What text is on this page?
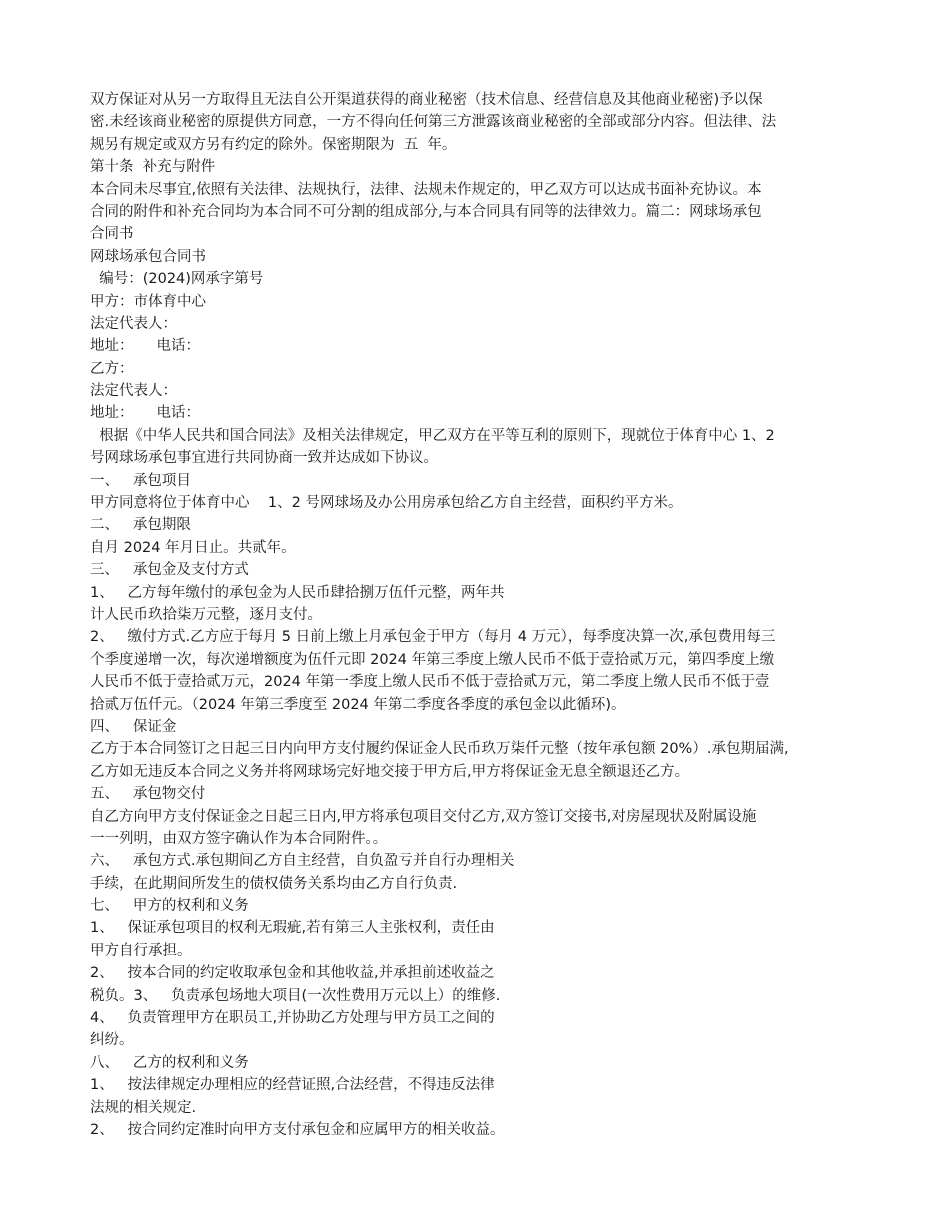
双方保证对从另一方取得且无法自公开渠道获得的商业秘密（技术信息、经营信息及其他商业秘密)予以保
密.未经该商业秘密的原提供方同意，一方不得向任何第三方泄露该商业秘密的全部或部分内容。但法律、法
规另有规定或双方另有约定的除外。保密期限为  五  年。
第十条  补充与附件
本合同未尽事宜,依照有关法律、法规执行，法律、法规未作规定的，甲乙双方可以达成书面补充协议。本
合同的附件和补充合同均为本合同不可分割的组成部分,与本合同具有同等的法律效力。篇二：网球场承包
合同书
网球场承包合同书
编号：(2024)网承字第号
甲方：市体育中心
法定代表人：
地址：     电话：
乙方：
法定代表人：
地址：     电话：
根据《中华人民共和国合同法》及相关法律规定，甲乙双方在平等互利的原则下，现就位于体育中心 1、2
号网球场承包事宜进行共同协商一致并达成如下协议。
一、   承包项目
甲方同意将位于体育中心    1、2 号网球场及办公用房承包给乙方自主经营，面积约平方米。
二、   承包期限
自月 2024 年月日止。共贰年。
三、   承包金及支付方式
1、   乙方每年缴付的承包金为人民币肆拾捌万伍仟元整，两年共
计人民币玖拾柒万元整，逐月支付。
2、   缴付方式.乙方应于每月 5 日前上缴上月承包金于甲方（每月 4 万元），每季度决算一次,承包费用每三
个季度递增一次，每次递增额度为伍仟元即 2024 年第三季度上缴人民币不低于壹拾贰万元，第四季度上缴
人民币不低于壹拾贰万元，2024 年第一季度上缴人民币不低于壹拾贰万元，第二季度上缴人民币不低于壹
拾贰万伍仟元。（2024 年第三季度至 2024 年第二季度各季度的承包金以此循环)。
四、   保证金
乙方于本合同签订之日起三日内向甲方支付履约保证金人民币玖万柒仟元整（按年承包额 20%）.承包期届满,
乙方如无违反本合同之义务并将网球场完好地交接于甲方后,甲方将保证金无息全额退还乙方。
五、   承包物交付
自乙方向甲方支付保证金之日起三日内,甲方将承包项目交付乙方,双方签订交接书,对房屋现状及附属设施
一一列明，由双方签字确认作为本合同附件。。
六、   承包方式.承包期间乙方自主经营，自负盈亏并自行办理相关
手续，在此期间所发生的债权债务关系均由乙方自行负责.
七、   甲方的权利和义务
1、   保证承包项目的权利无瑕疵,若有第三人主张权利，责任由
甲方自行承担。
2、   按本合同的约定收取承包金和其他收益,并承担前述收益之
税负。3、   负责承包场地大项目(一次性费用万元以上）的维修.
4、   负责管理甲方在职员工,并协助乙方处理与甲方员工之间的
纠纷。
八、   乙方的权利和义务
1、   按法律规定办理相应的经营证照,合法经营，不得违反法律
法规的相关规定.
2、   按合同约定准时向甲方支付承包金和应属甲方的相关收益。
